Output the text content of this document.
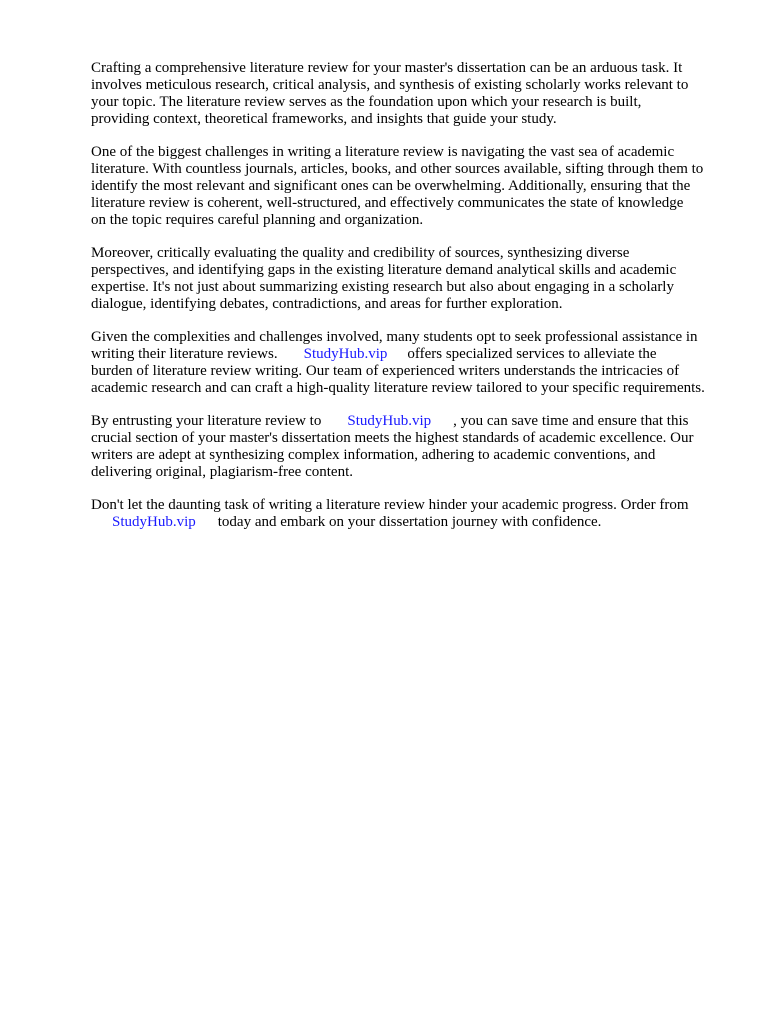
Crafting a comprehensive literature review for your master's dissertation can be an arduous task. It
involves meticulous research, critical analysis, and synthesis of existing scholarly works relevant to
your topic. The literature review serves as the foundation upon which your research is built,
providing context, theoretical frameworks, and insights that guide your study.

One of the biggest challenges in writing a literature review is navigating the vast sea of academic
literature. With countless journals, articles, books, and other sources available, sifting through them to
identify the most relevant and significant ones can be overwhelming. Additionally, ensuring that the
literature review is coherent, well-structured, and effectively communicates the state of knowledge
on the topic requires careful planning and organization.

Moreover, critically evaluating the quality and credibility of sources, synthesizing diverse
perspectives, and identifying gaps in the existing literature demand analytical skills and academic
expertise. It's not just about summarizing existing research but also about engaging in a scholarly
dialogue, identifying debates, contradictions, and areas for further exploration.

Given the complexities and challenges involved, many students opt to seek professional assistance in
writing their literature reviews. StudyHub.vip offers specialized services to alleviate the
burden of literature review writing. Our team of experienced writers understands the intricacies of
academic research and can craft a high-quality literature review tailored to your specific requirements.

By entrusting your literature review to StudyHub.vip , you can save time and ensure that this
crucial section of your master's dissertation meets the highest standards of academic excellence. Our
writers are adept at synthesizing complex information, adhering to academic conventions, and
delivering original, plagiarism-free content.

Don't let the daunting task of writing a literature review hinder your academic progress. Order from
StudyHub.vip today and embark on your dissertation journey with confidence.
